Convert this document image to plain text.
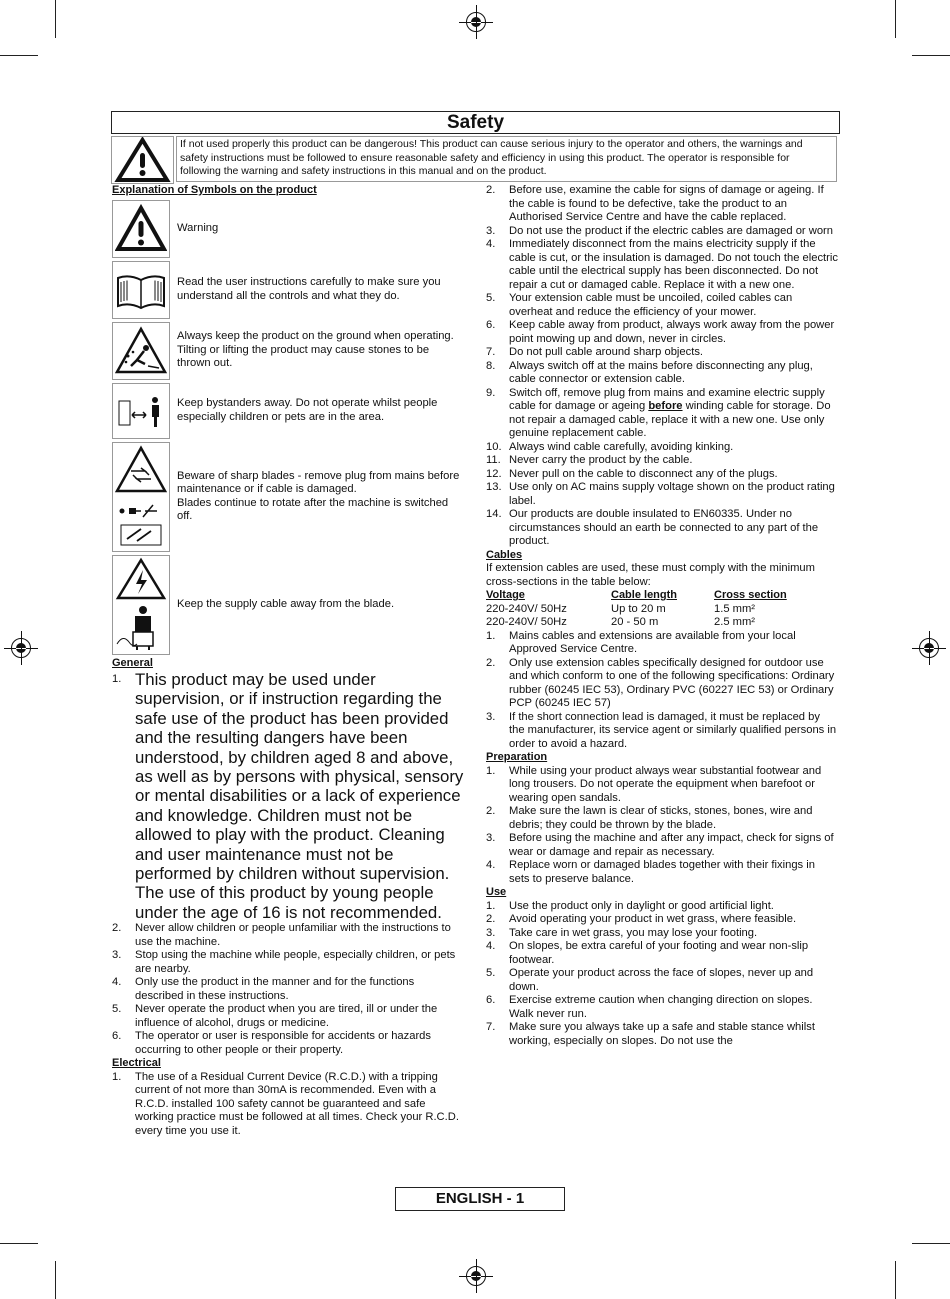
Safety
If not used properly this product can be dangerous! This product can cause serious injury to the operator and others, the warnings and safety instructions must be followed to ensure reasonable safety and efficiency in using this product. The operator is responsible for following the warning and safety instructions in this manual and on the product.
Explanation of Symbols on the product
Warning
Read the user instructions carefully to make sure you understand all the controls and what they do.
Always keep the product on the ground when operating. Tilting or lifting the product may cause stones to be thrown out.
Keep bystanders away. Do not operate whilst people especially children or pets are in the area.
Beware of sharp blades - remove plug from mains before maintenance or if cable is damaged.
Blades continue to rotate after the machine is switched off.
Keep the supply cable away from the blade.
General
1. This product may be used under supervision, or if instruction regarding the safe use of the product has been provided and the resulting dangers have been understood, by children aged 8 and above, as well as by persons with physical, sensory or mental disabilities or a lack of experience and knowledge. Children must not be allowed to play with the product. Cleaning and user maintenance must not be performed by children without supervision.
The use of this product by young people under the age of 16 is not recommended.
2. Never allow children or people unfamiliar with the instructions to use the machine.
3. Stop using the machine while people, especially children, or pets are nearby.
4. Only use the product in the manner and for the functions described in these instructions.
5. Never operate the product when you are tired, ill or under the influence of alcohol, drugs or medicine.
6. The operator or user is responsible for accidents or hazards occurring to other people or their property.
Electrical
1. The use of a Residual Current Device (R.C.D.) with a tripping current of not more than 30mA is recommended. Even with a R.C.D. installed 100 safety cannot be guaranteed and safe working practice must be followed at all times. Check your R.C.D. every time you use it.
2. Before use, examine the cable for signs of damage or ageing. If the cable is found to be defective, take the product to an Authorised Service Centre and have the cable replaced.
3. Do not use the product if the electric cables are damaged or worn
4. Immediately disconnect from the mains electricity supply if the cable is cut, or the insulation is damaged. Do not touch the electric cable until the electrical supply has been disconnected. Do not repair a cut or damaged cable. Replace it with a new one.
5. Your extension cable must be uncoiled, coiled cables can overheat and reduce the efficiency of your mower.
6. Keep cable away from product, always work away from the power point mowing up and down, never in circles.
7. Do not pull cable around sharp objects.
8. Always switch off at the mains before disconnecting any plug, cable connector or extension cable.
9. Switch off, remove plug from mains and examine electric supply cable for damage or ageing before winding cable for storage. Do not repair a damaged cable, replace it with a new one. Use only genuine replacement cable.
10. Always wind cable carefully, avoiding kinking.
11. Never carry the product by the cable.
12. Never pull on the cable to disconnect any of the plugs.
13. Use only on AC mains supply voltage shown on the product rating label.
14. Our products are double insulated to EN60335. Under no circumstances should an earth be connected to any part of the product.
Cables
If extension cables are used, these must comply with the minimum cross-sections in the table below:
Voltage	Cable length	Cross section
220-240V/ 50Hz	Up to 20 m	1.5 mm²
220-240V/ 50Hz	20 - 50 m	2.5 mm²
1. Mains cables and extensions are available from your local Approved Service Centre.
2. Only use extension cables specifically designed for outdoor use and which conform to one of the following specifications: Ordinary rubber (60245 IEC 53), Ordinary PVC (60227 IEC 53) or Ordinary PCP (60245 IEC 57)
3. If the short connection lead is damaged, it must be replaced by the manufacturer, its service agent or similarly qualified persons in order to avoid a hazard.
Preparation
1. While using your product always wear substantial footwear and long trousers. Do not operate the equipment when barefoot or wearing open sandals.
2. Make sure the lawn is clear of sticks, stones, bones, wire and debris; they could be thrown by the blade.
3. Before using the machine and after any impact, check for signs of wear or damage and repair as necessary.
4. Replace worn or damaged blades together with their fixings in sets to preserve balance.
Use
1. Use the product only in daylight or good artificial light.
2. Avoid operating your product in wet grass, where feasible.
3. Take care in wet grass, you may lose your footing.
4. On slopes, be extra careful of your footing and wear non-slip footwear.
5. Operate your product across the face of slopes, never up and down.
6. Exercise extreme caution when changing direction on slopes. Walk never run.
7. Make sure you always take up a safe and stable stance whilst working, especially on slopes. Do not use the
ENGLISH - 1
